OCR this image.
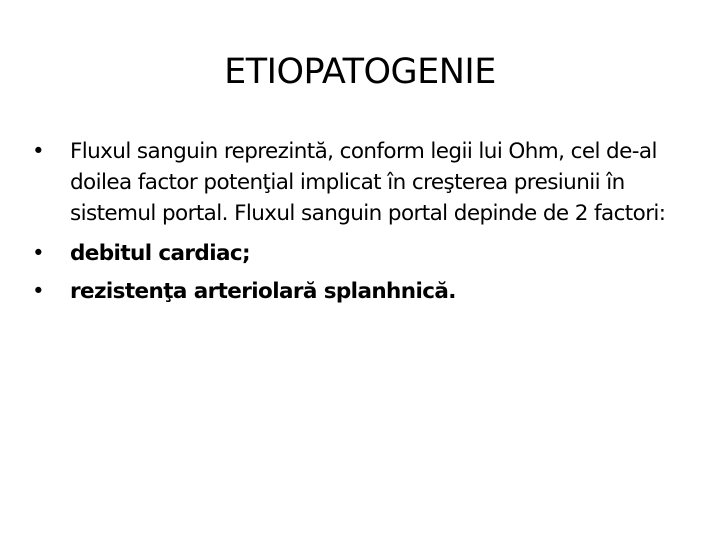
ETIOPATOGENIE
• Fluxul sanguin reprezintă, conform legii lui Ohm, cel de-al doilea factor potenţial implicat în creşterea presiunii în sistemul portal. Fluxul sanguin portal depinde de 2 factori:
• debitul cardiac;
• rezistenţa arteriolară splanhnică.
